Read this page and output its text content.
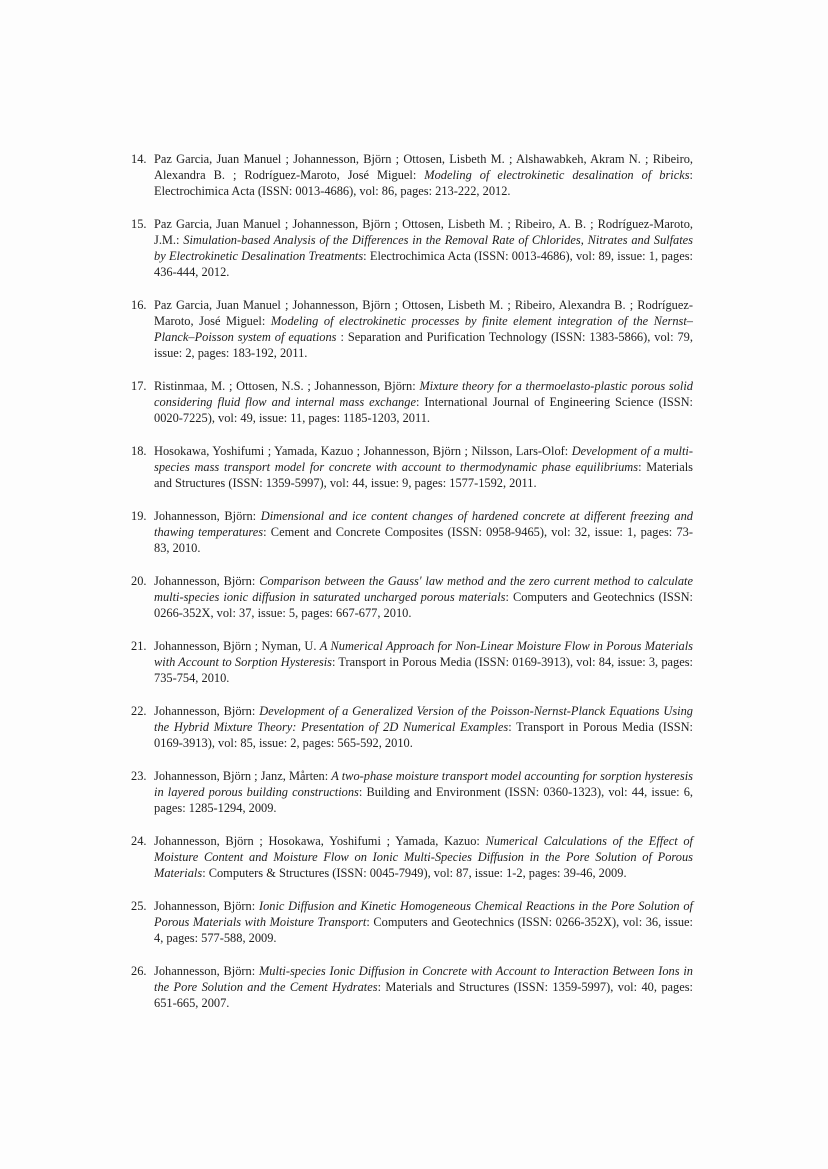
14. Paz Garcia, Juan Manuel ; Johannesson, Björn ; Ottosen, Lisbeth M. ; Alshawabkeh, Akram N. ; Ribeiro, Alexandra B. ; Rodríguez-Maroto, José Miguel: Modeling of electrokinetic desalination of bricks: Electrochimica Acta (ISSN: 0013-4686), vol: 86, pages: 213-222, 2012.
15. Paz Garcia, Juan Manuel ; Johannesson, Björn ; Ottosen, Lisbeth M. ; Ribeiro, A. B. ; Rodríguez-Maroto, J.M.: Simulation-based Analysis of the Differences in the Removal Rate of Chlorides, Nitrates and Sulfates by Electrokinetic Desalination Treatments: Electrochimica Acta (ISSN: 0013-4686), vol: 89, issue: 1, pages: 436-444, 2012.
16. Paz Garcia, Juan Manuel ; Johannesson, Björn ; Ottosen, Lisbeth M. ; Ribeiro, Alexandra B. ; Rodríguez-Maroto, José Miguel: Modeling of electrokinetic processes by finite element integration of the Nernst–Planck–Poisson system of equations : Separation and Purification Technology (ISSN: 1383-5866), vol: 79, issue: 2, pages: 183-192, 2011.
17. Ristinmaa, M. ; Ottosen, N.S. ; Johannesson, Björn: Mixture theory for a thermoelasto-plastic porous solid considering fluid flow and internal mass exchange: International Journal of Engineering Science (ISSN: 0020-7225), vol: 49, issue: 11, pages: 1185-1203, 2011.
18. Hosokawa, Yoshifumi ; Yamada, Kazuo ; Johannesson, Björn ; Nilsson, Lars-Olof: Development of a multi-species mass transport model for concrete with account to thermodynamic phase equilibriums: Materials and Structures (ISSN: 1359-5997), vol: 44, issue: 9, pages: 1577-1592, 2011.
19. Johannesson, Björn: Dimensional and ice content changes of hardened concrete at different freezing and thawing temperatures: Cement and Concrete Composites (ISSN: 0958-9465), vol: 32, issue: 1, pages: 73-83, 2010.
20. Johannesson, Björn: Comparison between the Gauss' law method and the zero current method to calculate multi-species ionic diffusion in saturated uncharged porous materials: Computers and Geotechnics (ISSN: 0266-352X, vol: 37, issue: 5, pages: 667-677, 2010.
21. Johannesson, Björn ; Nyman, U. A Numerical Approach for Non-Linear Moisture Flow in Porous Materials with Account to Sorption Hysteresis: Transport in Porous Media (ISSN: 0169-3913), vol: 84, issue: 3, pages: 735-754, 2010.
22. Johannesson, Björn: Development of a Generalized Version of the Poisson-Nernst-Planck Equations Using the Hybrid Mixture Theory: Presentation of 2D Numerical Examples: Transport in Porous Media (ISSN: 0169-3913), vol: 85, issue: 2, pages: 565-592, 2010.
23. Johannesson, Björn ; Janz, Mårten: A two-phase moisture transport model accounting for sorption hysteresis in layered porous building constructions: Building and Environment (ISSN: 0360-1323), vol: 44, issue: 6, pages: 1285-1294, 2009.
24. Johannesson, Björn ; Hosokawa, Yoshifumi ; Yamada, Kazuo: Numerical Calculations of the Effect of Moisture Content and Moisture Flow on Ionic Multi-Species Diffusion in the Pore Solution of Porous Materials: Computers & Structures (ISSN: 0045-7949), vol: 87, issue: 1-2, pages: 39-46, 2009.
25. Johannesson, Björn: Ionic Diffusion and Kinetic Homogeneous Chemical Reactions in the Pore Solution of Porous Materials with Moisture Transport: Computers and Geotechnics (ISSN: 0266-352X), vol: 36, issue: 4, pages: 577-588, 2009.
26. Johannesson, Björn: Multi-species Ionic Diffusion in Concrete with Account to Interaction Between Ions in the Pore Solution and the Cement Hydrates: Materials and Structures (ISSN: 1359-5997), vol: 40, pages: 651-665, 2007.
